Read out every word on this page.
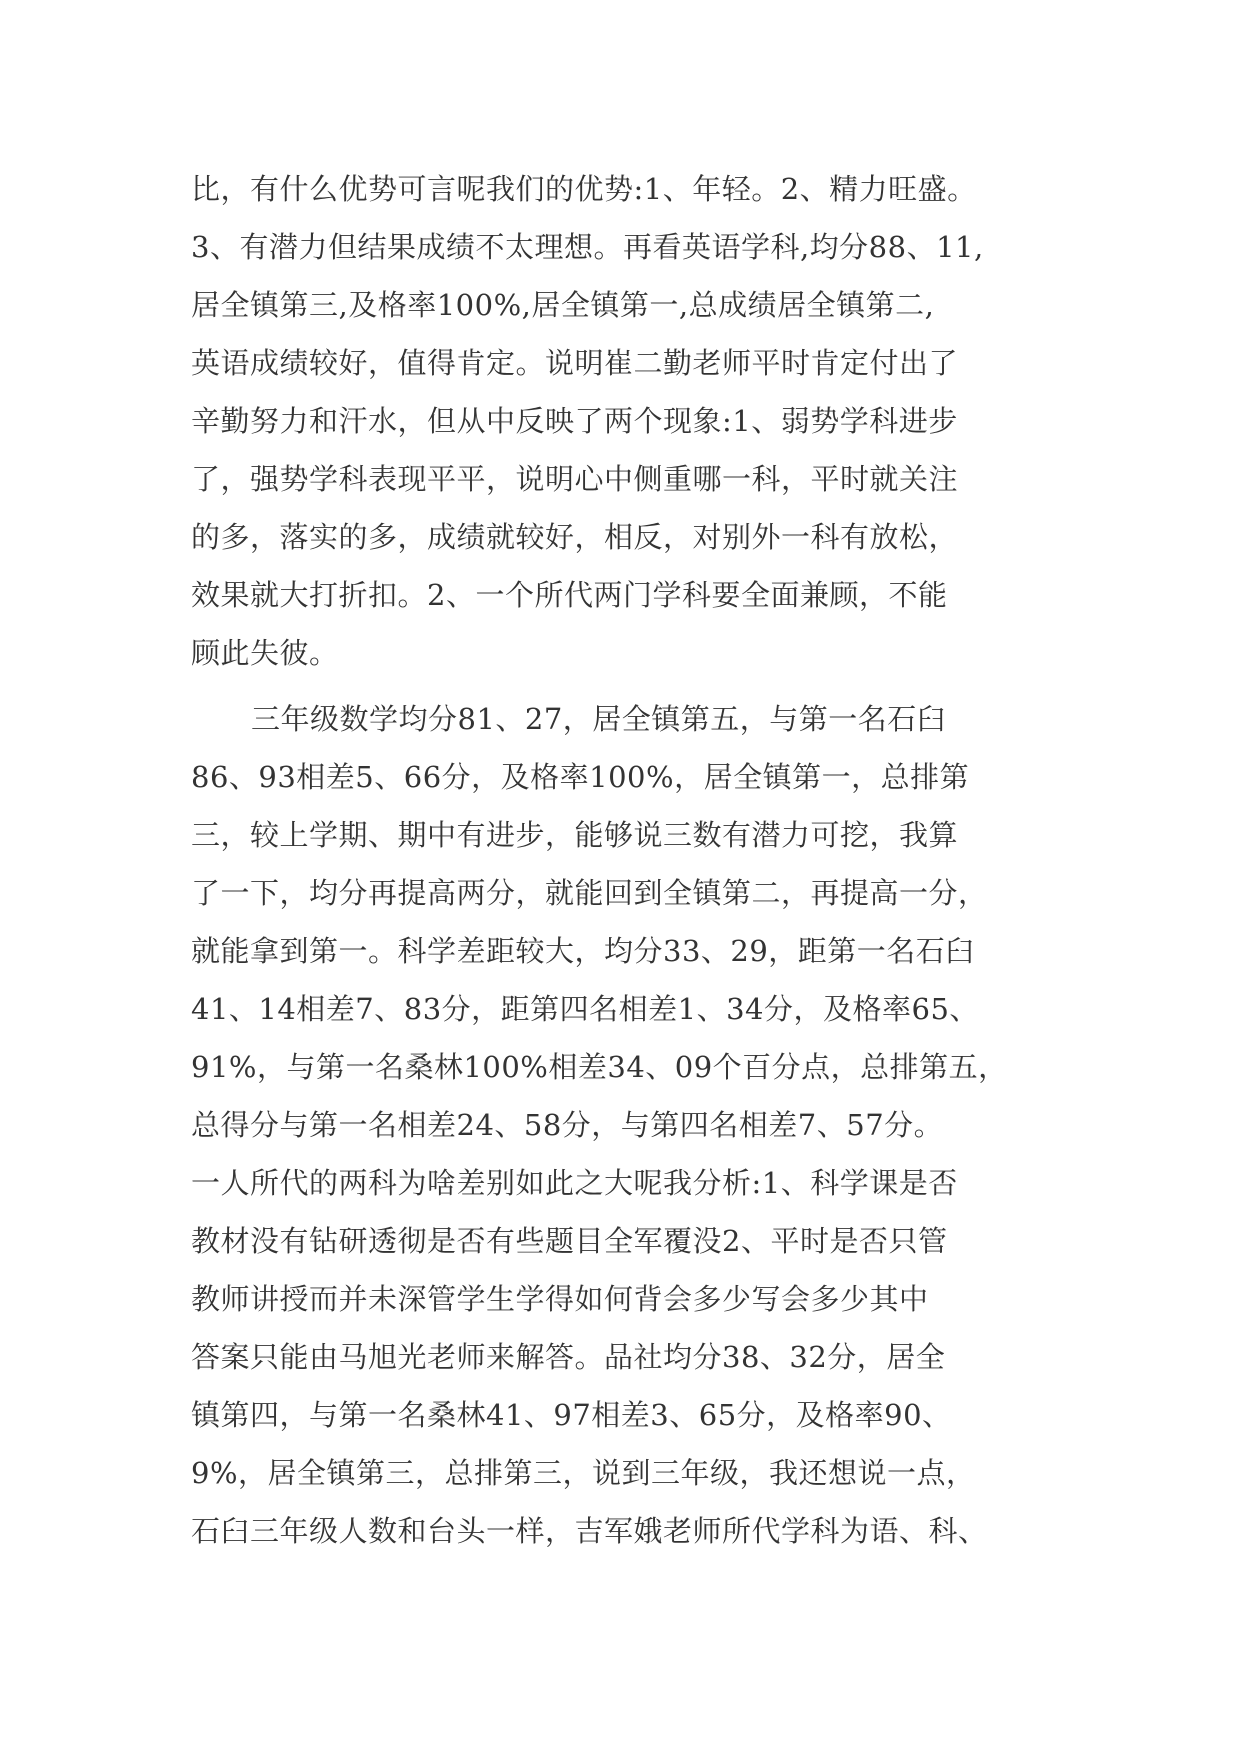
比，有什么优势可言呢我们的优势:1、年轻。2、精力旺盛。
3、有潜力但结果成绩不太理想。再看英语学科,均分88、11,
居全镇第三,及格率100%,居全镇第一,总成绩居全镇第二,
英语成绩较好，值得肯定。说明崔二勤老师平时肯定付出了
辛勤努力和汗水，但从中反映了两个现象:1、弱势学科进步
了，强势学科表现平平，说明心中侧重哪一科，平时就关注
的多，落实的多，成绩就较好，相反，对别外一科有放松，
效果就大打折扣。2、一个所代两门学科要全面兼顾，不能
顾此失彼。
三年级数学均分81、27，居全镇第五，与第一名石臼
86、93相差5、66分，及格率100%，居全镇第一，总排第
三，较上学期、期中有进步，能够说三数有潜力可挖，我算
了一下，均分再提高两分，就能回到全镇第二，再提高一分，
就能拿到第一。科学差距较大，均分33、29，距第一名石臼
41、14相差7、83分，距第四名相差1、34分，及格率65、
91%，与第一名桑林100%相差34、09个百分点，总排第五，
总得分与第一名相差24、58分，与第四名相差7、57分。
一人所代的两科为啥差别如此之大呢我分析:1、科学课是否
教材没有钻研透彻是否有些题目全军覆没2、平时是否只管
教师讲授而并未深管学生学得如何背会多少写会多少其中
答案只能由马旭光老师来解答。品社均分38、32分，居全
镇第四，与第一名桑林41、97相差3、65分，及格率90、
9%，居全镇第三，总排第三，说到三年级，我还想说一点，
石臼三年级人数和台头一样，吉军娥老师所代学科为语、科、
